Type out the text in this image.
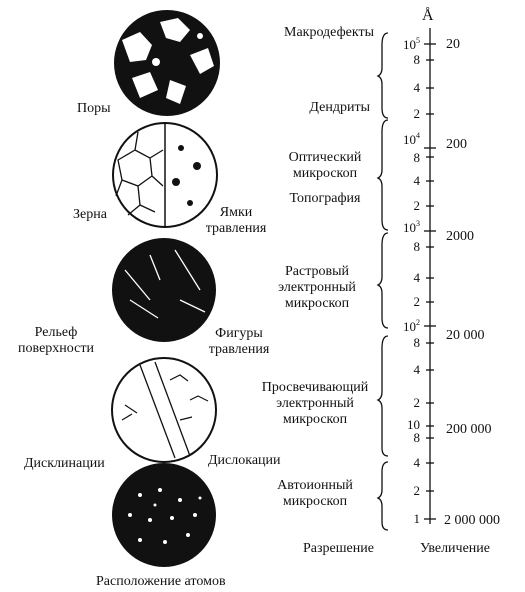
Å
Поры
Зерна	Ямки
травления
Рельеф
поверхности
Фигуры
травления
Дисклинации	Дислокации
Расположение атомов
Макродефекты
Дендриты
Оптический
микроскоп
Топография
Растровый
электронный
микроскоп
Просвечивающий
электронный
микроскоп
Автоионный
микроскоп
$10^5$
$10^4$
$10^3$
$10^2$
8
4
2
8
4
2
8
4
2
8
4
2
10
8
4
2
1
20
200
2000
20 000
200 000
2 000 000
Разрешение	Увеличение
